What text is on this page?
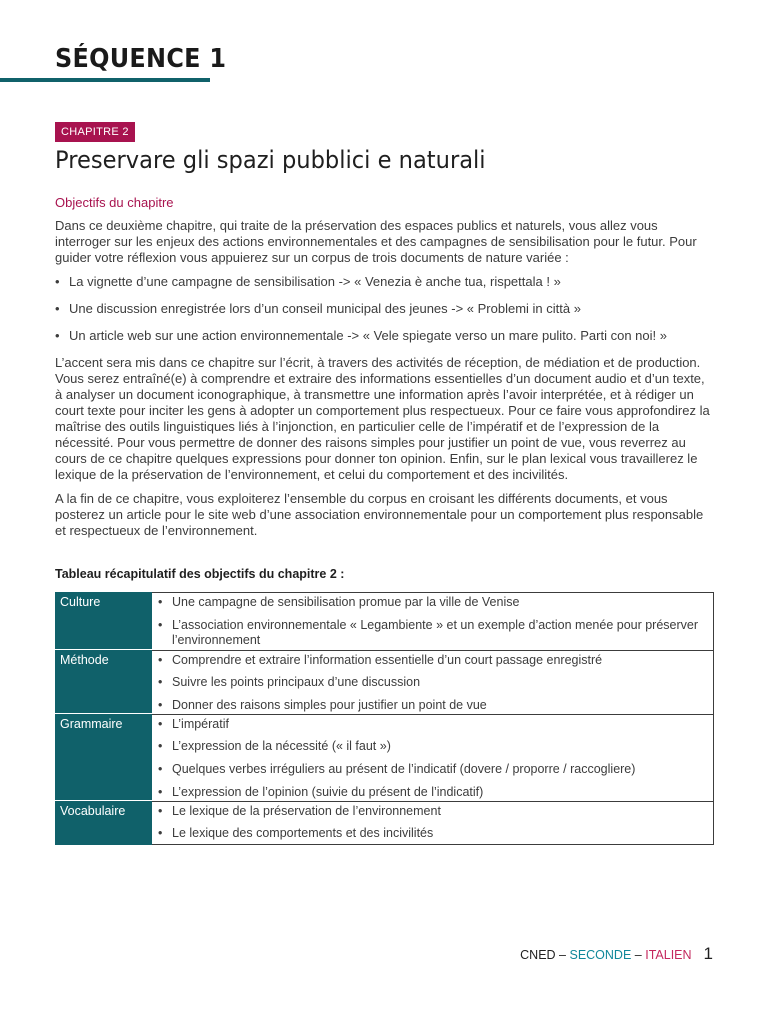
SÉQUENCE 1
CHAPITRE 2
Preservare gli spazi pubblici e naturali
Objectifs du chapitre

Dans ce deuxième chapitre, qui traite de la préservation des espaces publics et naturels, vous allez vous interroger sur les enjeux des actions environnementales et des campagnes de sensibilisation pour le futur. Pour guider votre réflexion vous appuierez sur un corpus de trois documents de nature variée :

• La vignette d’une campagne de sensibilisation -> « Venezia è anche tua, rispettala ! »
• Une discussion enregistrée lors d’un conseil municipal des jeunes -> « Problemi in città »
• Un article web sur une action environnementale -> « Vele spiegate verso un mare pulito. Parti con noi! »

L’accent sera mis dans ce chapitre sur l’écrit, à travers des activités de réception, de médiation et de production. Vous serez entraîné(e) à comprendre et extraire des informations essentielles d’un document audio et d’un texte, à analyser un document iconographique, à transmettre une information après l’avoir interprétée, et à rédiger un court texte pour inciter les gens à adopter un comportement plus respectueux. Pour ce faire vous approfondirez la maîtrise des outils linguistiques liés à l’injonction, en particulier celle de l’impératif et de l’expression de la nécessité. Pour vous permettre de donner des raisons simples pour justifier un point de vue, vous reverrez au cours de ce chapitre quelques expressions pour donner ton opinion. Enfin, sur le plan lexical vous travaillerez le lexique de la préservation de l’environnement, et celui du comportement et des incivilités.

A la fin de ce chapitre, vous exploiterez l’ensemble du corpus en croisant les différents documents, et vous posterez un article pour le site web d’une association environnementale pour un comportement plus responsable et respectueux de l’environnement.

Tableau récapitulatif des objectifs du chapitre 2 :
Culture	• Une campagne de sensibilisation promue par la ville de Venise
• L’association environnementale « Legambiente » et un exemple d’action menée pour préserver l’environnement
Méthode	• Comprendre et extraire l’information essentielle d’un court passage enregistré
• Suivre les points principaux d’une discussion
• Donner des raisons simples pour justifier un point de vue
Grammaire	• L’impératif
• L’expression de la nécessité (« il faut »)
• Quelques verbes irréguliers au présent de l’indicatif (dovere / proporre / raccogliere)
• L’expression de l’opinion (suivie du présent de l’indicatif)
Vocabulaire	• Le lexique de la préservation de l’environnement
• Le lexique des comportements et des incivilités
CNED – SECONDE – ITALIEN 1
